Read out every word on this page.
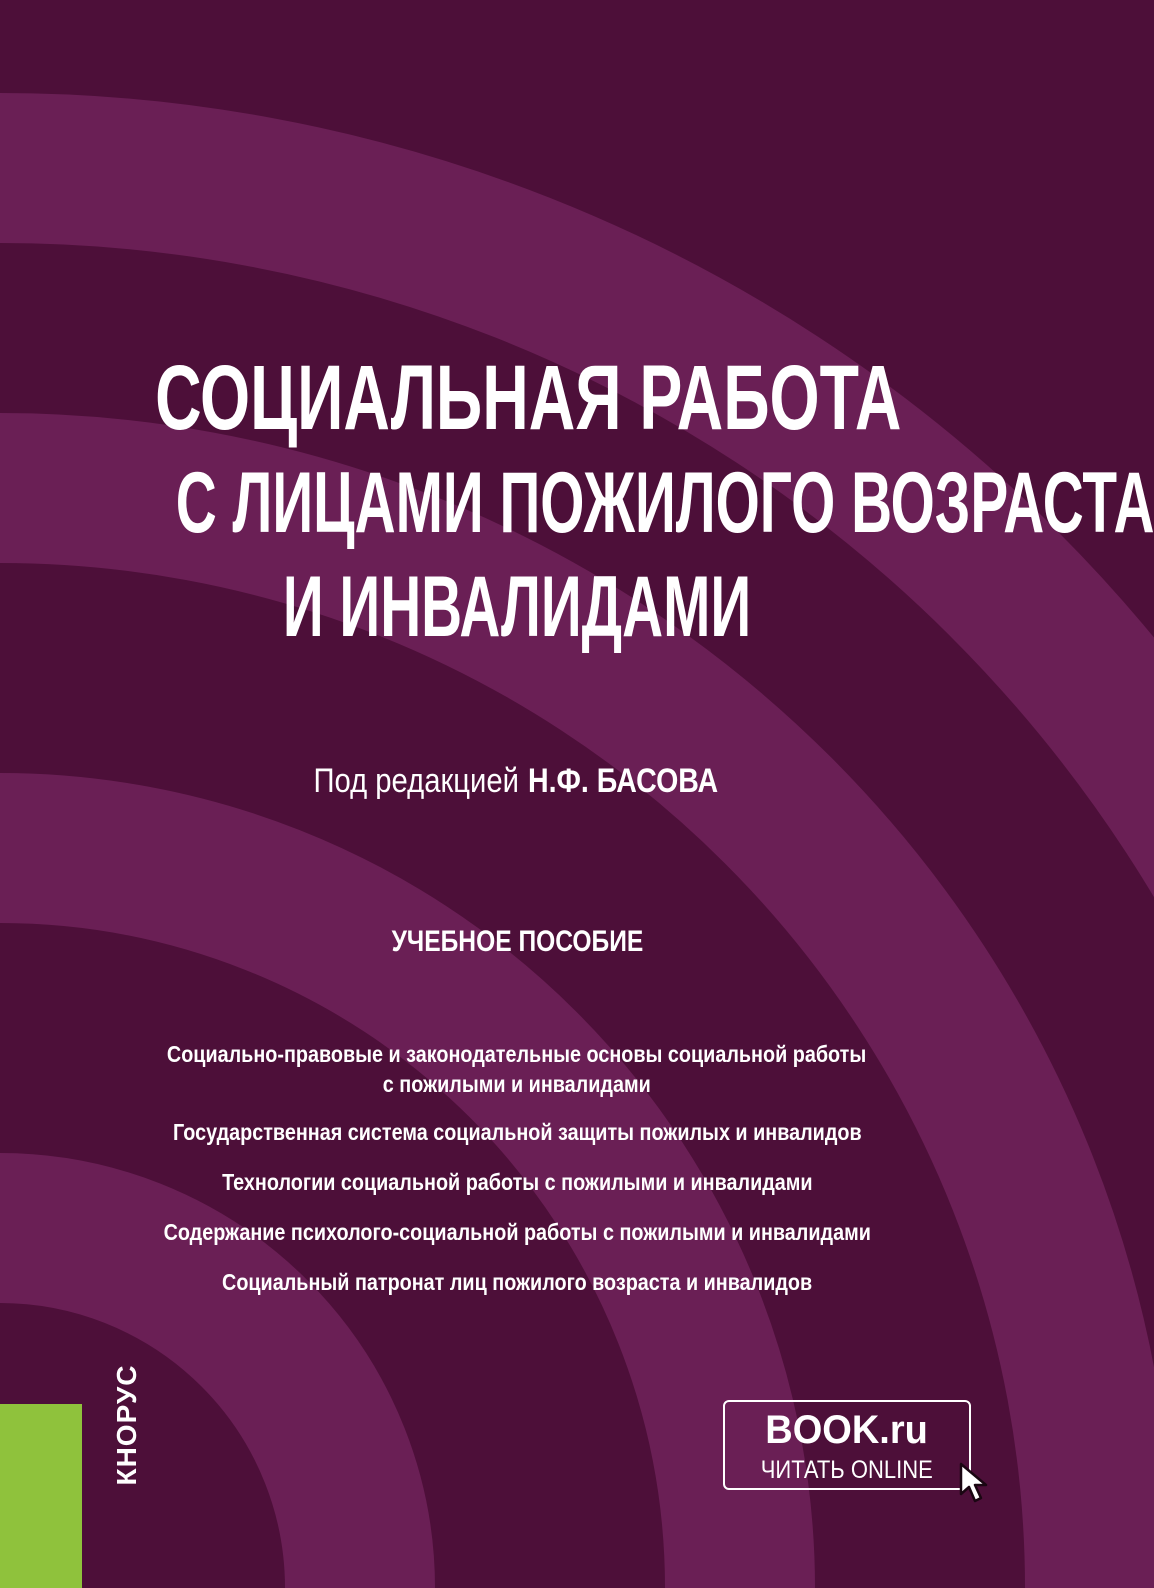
СОЦИАЛЬНАЯ РАБОТА
С ЛИЦАМИ ПОЖИЛОГО ВОЗРАСТА
И ИНВАЛИДАМИ
Под редакцией Н.Ф. БАСОВА
УЧЕБНОЕ ПОСОБИЕ
Социально-правовые и законодательные основы социальной работы
с пожилыми и инвалидами
Государственная система социальной защиты пожилых и инвалидов
Технологии социальной работы с пожилыми и инвалидами
Содержание психолого-социальной работы с пожилыми и инвалидами
Социальный патронат лиц пожилого возраста и инвалидов
КНОРУС	BOOK.ru
ЧИТАТЬ ONLINE
